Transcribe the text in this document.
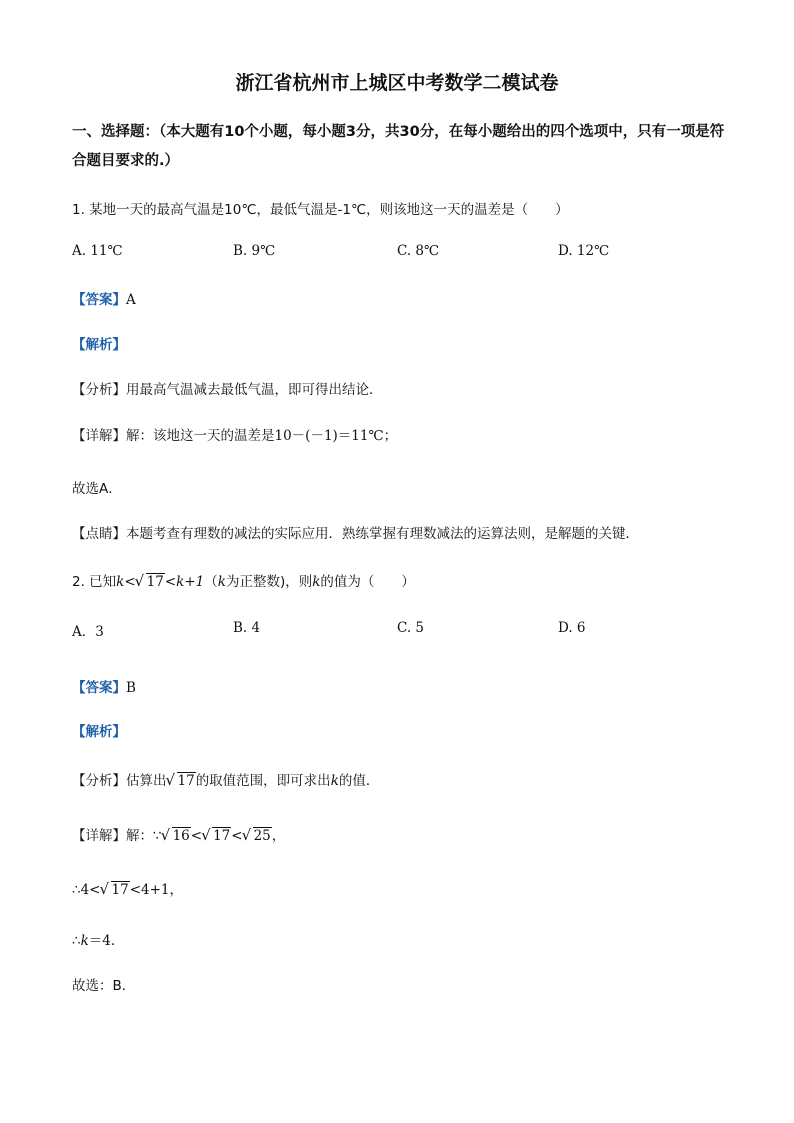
浙江省杭州市上城区中考数学二模试卷
一、选择题：（本大题有10个小题，每小题3分，共30分，在每小题给出的四个选项中，只有一项是符合题目要求的.）
1. 某地一天的最高气温是10℃，最低气温是-1℃，则该地这一天的温差是（　　）
A. 11℃	B. 9℃	C. 8℃	D. 12℃
【答案】A
【解析】
【分析】用最高气温减去最低气温，即可得出结论．
【详解】解：该地这一天的温差是10－(－1)＝11℃；
故选A．
【点睛】本题考查有理数的减法的实际应用．熟练掌握有理数减法的运算法则，是解题的关键．
2. 已知k< √ 17<k+1（k为正整数)，则k的值为（　　）
A．3	B. 4	C. 5	D. 6
【答案】B
【解析】
【分析】估算出 √ 17的取值范围，即可求出k的值．
【详解】解：∵ √ 16< √ 17< √ 25，
∴4< √ 17<4+1，
∴k＝4．
故选：B．
